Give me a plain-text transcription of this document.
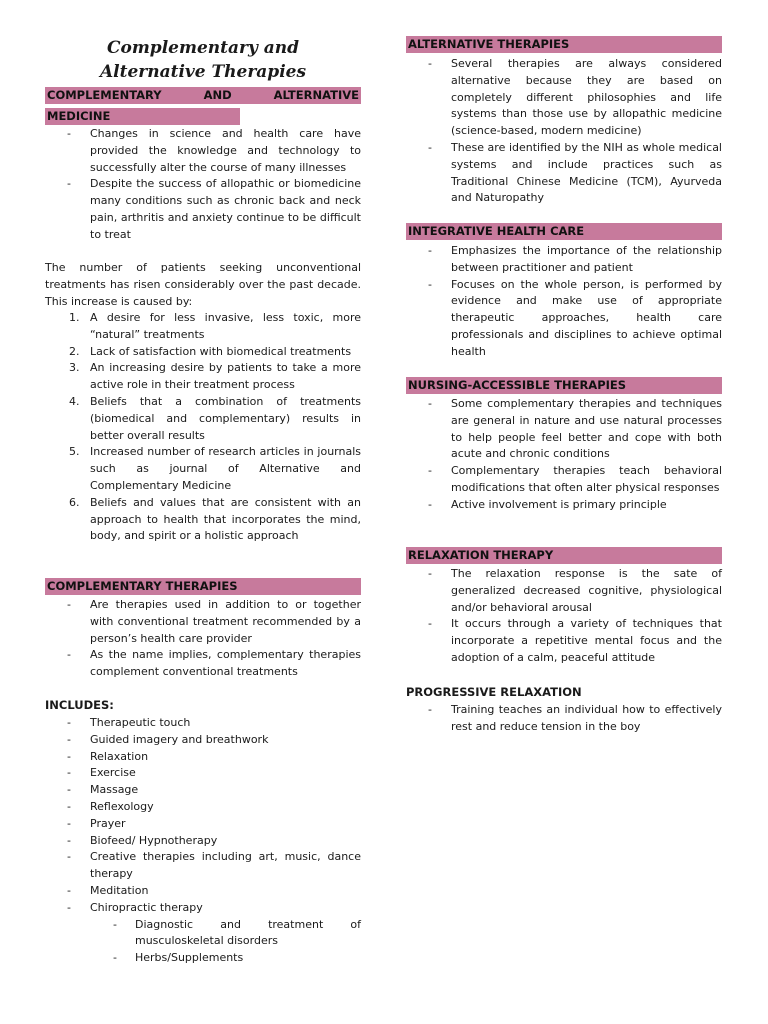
Complementary and
Alternative Therapies
COMPLEMENTARY AND ALTERNATIVE
MEDICINE
- Changes in science and health care have provided the knowledge and technology to successfully alter the course of many illnesses
- Despite the success of allopathic or biomedicine many conditions such as chronic back and neck pain, arthritis and anxiety continue to be difficult to treat

The number of patients seeking unconventional treatments has risen considerably over the past decade. This increase is caused by:

1. A desire for less invasive, less toxic, more “natural” treatments
2. Lack of satisfaction with biomedical treatments
3. An increasing desire by patients to take a more active role in their treatment process
4. Beliefs that a combination of treatments (biomedical and complementary) results in better overall results
5. Increased number of research articles in journals such as journal of Alternative and Complementary Medicine
6. Beliefs and values that are consistent with an approach to health that incorporates the mind, body, and spirit or a holistic approach
COMPLEMENTARY THERAPIES
- Are therapies used in addition to or together with conventional treatment recommended by a person’s health care provider
- As the name implies, complementary therapies complement conventional treatments
INCLUDES:
- Therapeutic touch
- Guided imagery and breathwork
- Relaxation
- Exercise
- Massage
- Reflexology
- Prayer
- Biofeed/ Hypnotherapy
- Creative therapies including art, music, dance therapy
- Meditation
- Chiropractic therapy
- Diagnostic and treatment of musculoskeletal disorders
- Herbs/Supplements
ALTERNATIVE THERAPIES
- Several therapies are always considered alternative because they are based on completely different philosophies and life systems than those use by allopathic medicine (science-based, modern medicine)
- These are identified by the NIH as whole medical systems and include practices such as Traditional Chinese Medicine (TCM), Ayurveda and Naturopathy
INTEGRATIVE HEALTH CARE
- Emphasizes the importance of the relationship between practitioner and patient
- Focuses on the whole person, is performed by evidence and make use of appropriate therapeutic approaches, health care professionals and disciplines to achieve optimal health
NURSING-ACCESSIBLE THERAPIES
- Some complementary therapies and techniques are general in nature and use natural processes to help people feel better and cope with both acute and chronic conditions
- Complementary therapies teach behavioral modifications that often alter physical responses
- Active involvement is primary principle
RELAXATION THERAPY
- The relaxation response is the sate of generalized decreased cognitive, physiological and/or behavioral arousal
- It occurs through a variety of techniques that incorporate a repetitive mental focus and the adoption of a calm, peaceful attitude
PROGRESSIVE RELAXATION
- Training teaches an individual how to effectively rest and reduce tension in the boy
